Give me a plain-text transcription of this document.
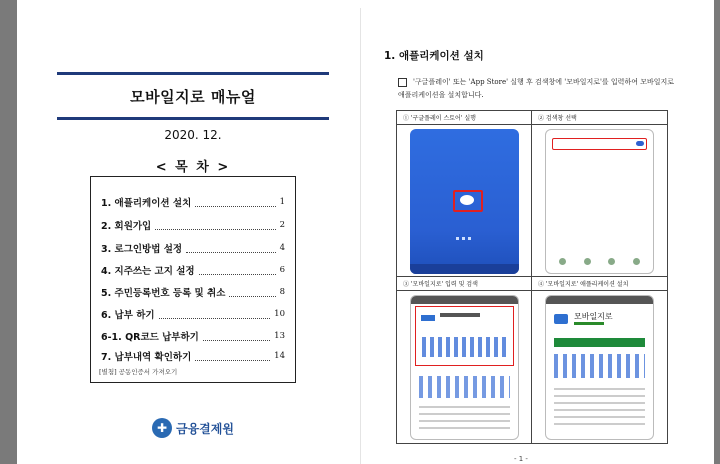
모바일지로 매뉴얼
2020. 12.
< 목 차 >
1. 애플리케이션 설치	1
2. 회원가입	2
3. 로그인방법 설정	4
4. 지주쓰는 고지 설정	6
5. 주민등록번호 등록 및 취소	8
6. 납부 하기	10
6-1. QR코드 납부하기	13
7. 납부내역 확인하기	14
[별첨] 공동인증서 가져오기
✚ 금융결제원
1. 애플리케이션 설치
'구글플레이' 또는 'App Store' 실행 후 검색창에 '모바일지로'를 입력하여 모바일지로 애플리케이션을 설치합니다.
① '구글플레이 스토어' 실행	② 검색창 선택
③ '모바일지로' 입력 및 검색	④ '모바일지로' 애플리케이션 설치
모바일지로
- 1 -
